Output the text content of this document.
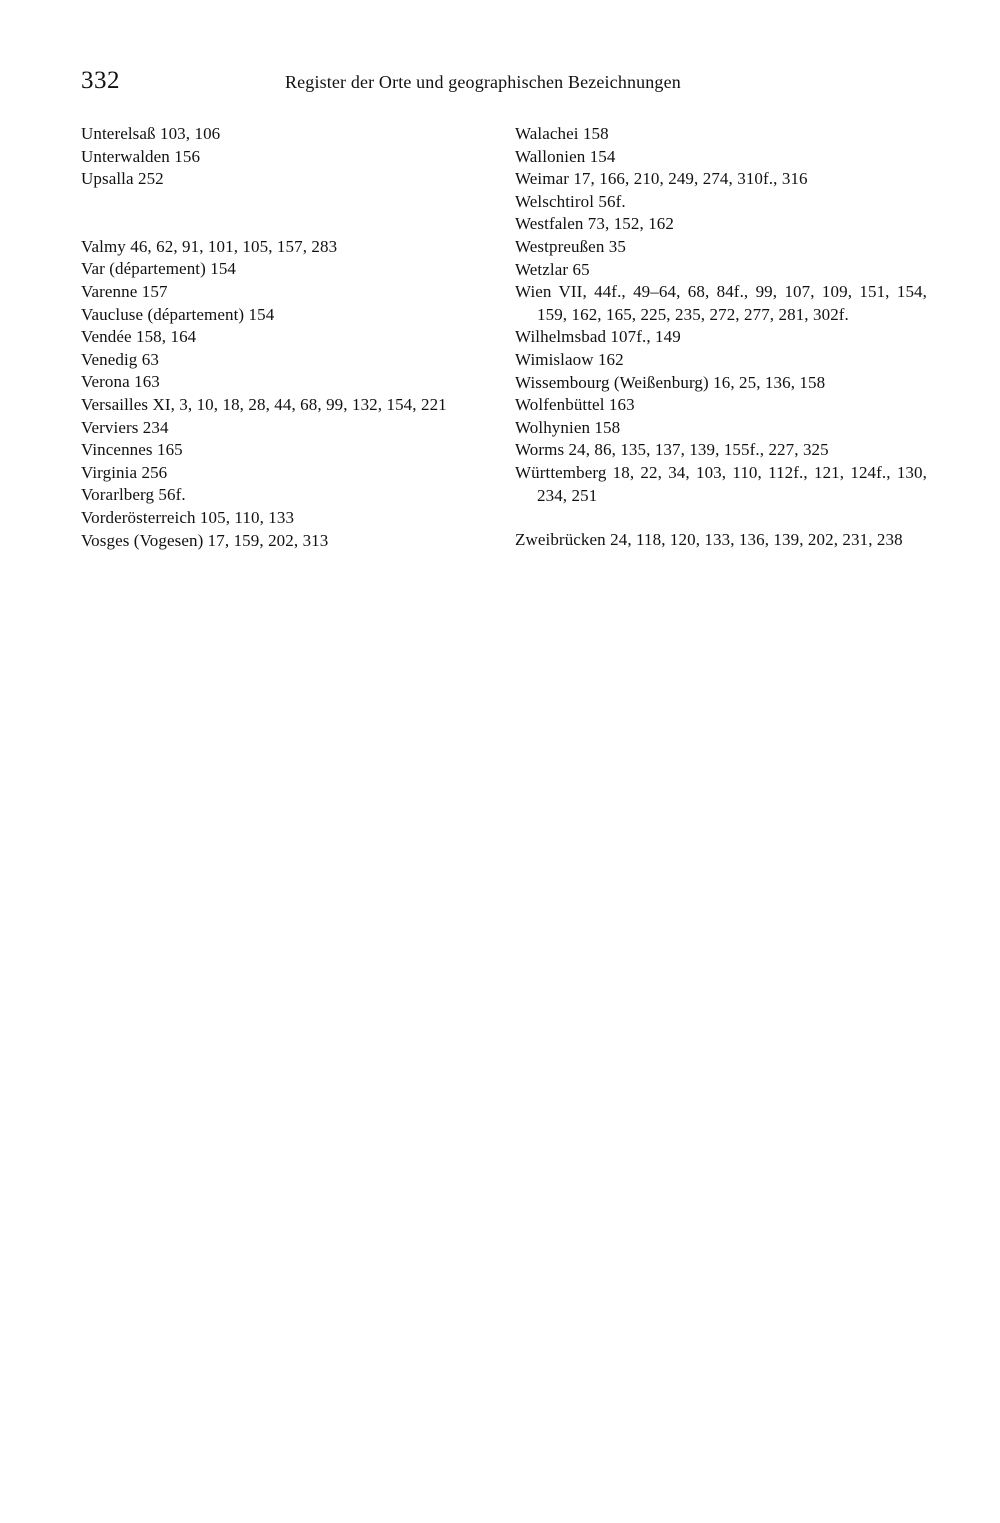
332	Register der Orte und geographischen Bezeichnungen

Unterelsaß 103, 106

Unterwalden 156

Upsalla 252

Valmy 46, 62, 91, 101, 105, 157, 283

Var (département) 154

Varenne 157

Vaucluse (département) 154

Vendée 158, 164

Venedig 63

Verona 163

Versailles XI, 3, 10, 18, 28, 44, 68, 99, 132, 154, 221

Verviers 234

Vincennes 165

Virginia 256

Vorarlberg 56f.

Vorderösterreich 105, 110, 133

Vosges (Vogesen) 17, 159, 202, 313

Walachei 158

Wallonien 154

Weimar 17, 166, 210, 249, 274, 310f., 316

Welschtirol 56f.

Westfalen 73, 152, 162

Westpreußen 35

Wetzlar 65

Wien VII, 44f., 49–64, 68, 84f., 99, 107, 109, 151, 154, 159, 162, 165, 225, 235, 272, 277, 281, 302f.

Wilhelmsbad 107f., 149

Wimislaow 162

Wissembourg (Weißenburg) 16, 25, 136, 158

Wolfenbüttel 163

Wolhynien 158

Worms 24, 86, 135, 137, 139, 155f., 227, 325

Württemberg 18, 22, 34, 103, 110, 112f., 121, 124f., 130, 234, 251

Zweibrücken 24, 118, 120, 133, 136, 139, 202, 231, 238
